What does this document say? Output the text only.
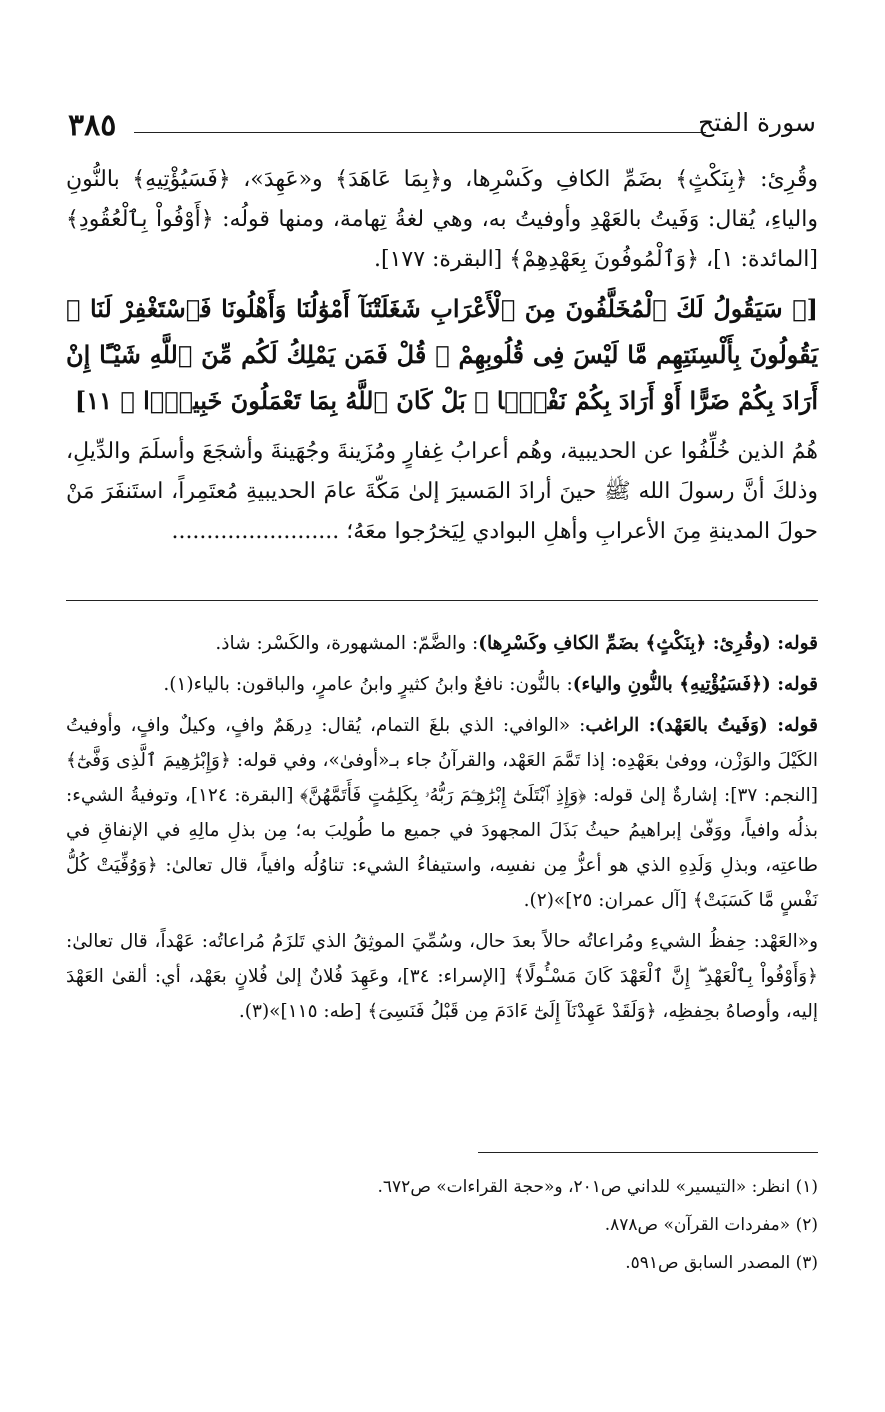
٣٨٥	سورة الفتح

وقُرِئ: ﴿بِنَكْثٍ﴾ بضَمِّ الكافِ وكَسْرِها، و﴿بِمَا عَاهَدَ﴾ و«عَهِدَ»، ﴿فَسَيُؤْتِيهِ﴾ بالنُّونِ والياءِ، يُقال: وَفَيتُ بالعَهْدِ وأوفيتُ به، وهي لغةُ تِهامة، ومنها قولُه: ﴿أَوْفُواْ بِٱلْعُقُودِ﴾ [المائدة: ١]، ﴿وَٱلْمُوفُونَ بِعَهْدِهِمْ﴾ [البقرة: ١٧٧].

[﴿ سَيَقُولُ لَكَ ٱلْمُخَلَّفُونَ مِنَ ٱلْأَعْرَابِ شَغَلَتْنَآ أَمْوَٰلُنَا وَأَهْلُونَا فَٱسْتَغْفِرْ لَنَا ۚ يَقُولُونَ بِأَلْسِنَتِهِم مَّا لَيْسَ فِى قُلُوبِهِمْ ۚ قُلْ فَمَن يَمْلِكُ لَكُم مِّنَ ٱللَّهِ شَيْـًٔا إِنْ أَرَادَ بِكُمْ ضَرًّا أَوْ أَرَادَ بِكُمْ نَفْعًۢا ۚ بَلْ كَانَ ٱللَّهُ بِمَا تَعْمَلُونَ خَبِيرًۢا ﴾ ١١]

هُمُ الذين خُلِّفُوا عن الحديبية، وهُم أعرابُ غِفارٍ ومُزَينةَ وجُهَينةَ وأشجَعَ وأسلَمَ والدِّيلِ، وذلكَ أنَّ رسولَ الله ﷺ حينَ أرادَ المَسيرَ إلىٰ مَكّةَ عامَ الحديبيةِ مُعتَمِراً، استَنفَرَ مَنْ حولَ المدينةِ مِنَ الأعرابِ وأهلِ البوادي لِيَخرُجوا معَهُ؛ ........................

قوله: (وقُرِئ: ﴿بِنَكْثٍ﴾ بضَمِّ الكافِ وكَسْرِها): والضَّمّ: المشهورة، والكَسْر: شاذ.

قوله: (﴿فَسَيُؤْتِيهِ﴾ بالنُّونِ والياء): بالنُّون: نافعٌ وابنُ كثيرٍ وابنُ عامرٍ، والباقون: بالياء(١).

قوله: (وَفَيتُ بالعَهْد): الراغب: «الوافي: الذي بلغَ التمام، يُقال: دِرهَمٌ وافٍ، وكيلٌ وافٍ، وأوفيتُ الكَيْلَ والوَزْن، ووفىٰ بعَهْدِه: إذا تَمَّمَ العَهْد، والقرآنُ جاء بـ«أوفىٰ»، وفي قوله: ﴿وَإِبْرَٰهِيمَ ٱلَّذِى وَفَّىٰٓ﴾ [النجم: ٣٧]: إشارةٌ إلىٰ قوله: ﴿وَإِذِ ٱبْتَلَىٰٓ إِبْرَٰهِـۧمَ رَبُّهُۥ بِكَلِمَٰتٍ فَأَتَمَّهُنَّ﴾ [البقرة: ١٢٤]، وتوفيةُ الشيء: بذلُه وافياً، ووَفّىٰ إبراهيمُ حيثُ بَذَلَ المجهودَ في جميع ما طُولِبَ به؛ مِن بذلِ مالِهِ في الإنفاقِ في طاعتِه، وبذلِ وَلَدِهِ الذي هو أعزُّ مِن نفسِه، واستيفاءُ الشيء: تناوُلُه وافياً، قال تعالىٰ: ﴿وَوُفِّيَتْ كُلُّ نَفْسٍ مَّا كَسَبَتْ﴾ [آل عمران: ٢٥]»(٢).

و«العَهْد: حِفظُ الشيءِ ومُراعاتُه حالاً بعدَ حال، وسُمِّيَ الموثِقُ الذي تَلزَمُ مُراعاتُه: عَهْداً، قال تعالىٰ: ﴿وَأَوْفُواْ بِٱلْعَهْدِ ۖ إِنَّ ٱلْعَهْدَ كَانَ مَسْـُٔولًا﴾ [الإسراء: ٣٤]، وعَهِدَ فُلانٌ إلىٰ فُلانٍ بعَهْد، أي: ألقىٰ العَهْدَ إليه، وأوصاهُ بحِفظِه، ﴿وَلَقَدْ عَهِدْنَآ إِلَىٰٓ ءَادَمَ مِن قَبْلُ فَنَسِىَ﴾ [طه: ١١٥]»(٣).

(١) انظر: «التيسير» للداني ص٢٠١، و«حجة القراءات» ص٦٧٢.

(٢) «مفردات القرآن» ص٨٧٨.

(٣) المصدر السابق ص٥٩١.
